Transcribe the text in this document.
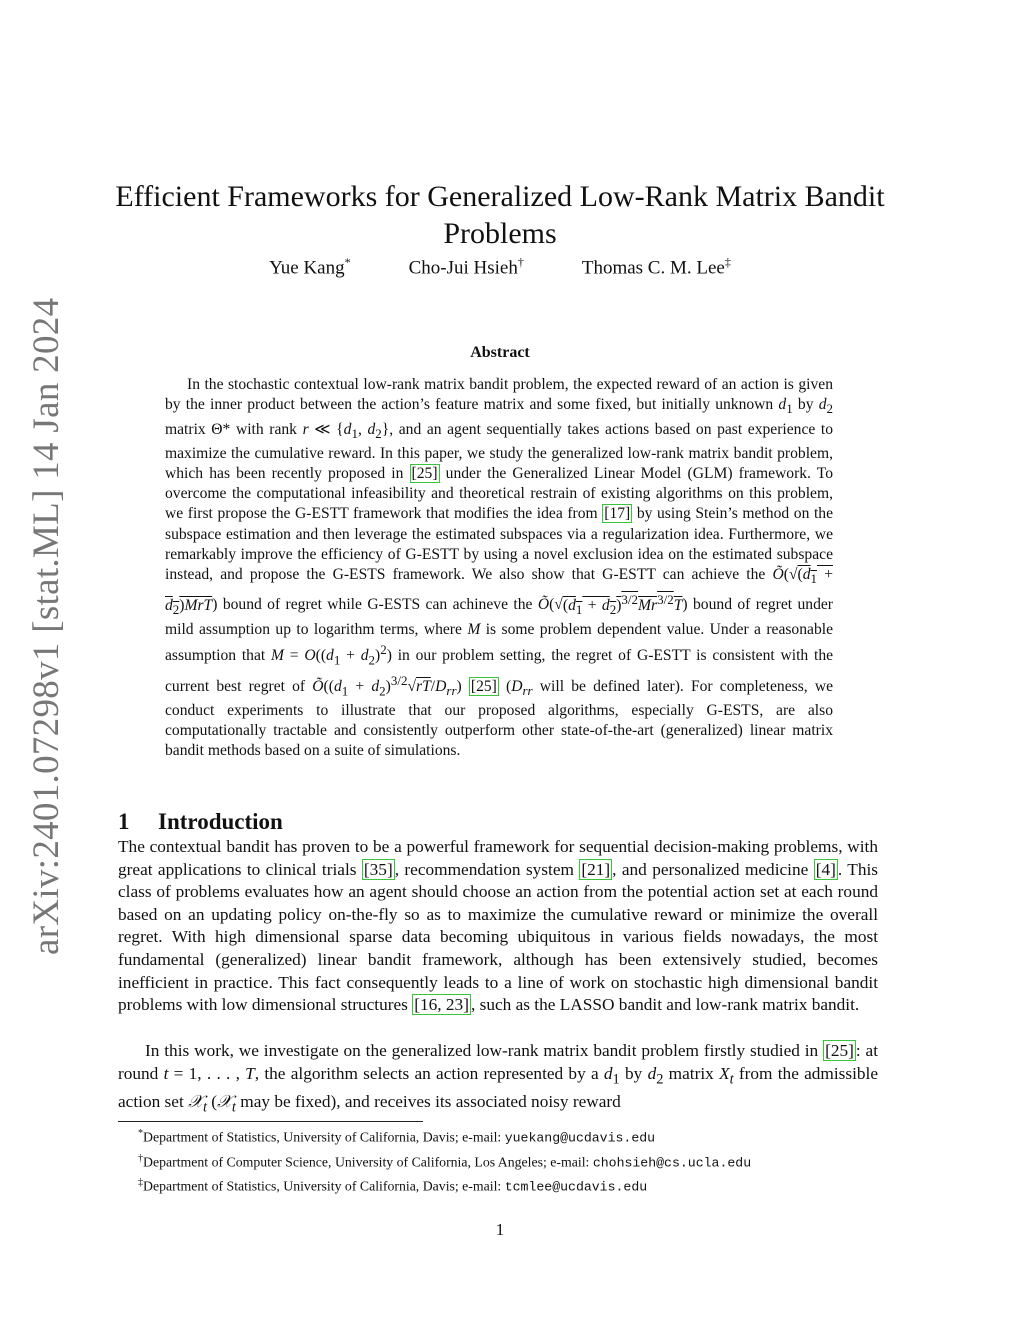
arXiv:2401.07298v1 [stat.ML] 14 Jan 2024
Efficient Frameworks for Generalized Low-Rank Matrix Bandit Problems
Yue Kang*	Cho-Jui Hsieh†	Thomas C. M. Lee‡
Abstract

In the stochastic contextual low-rank matrix bandit problem, the expected reward of an action is given by the inner product between the action’s feature matrix and some fixed, but initially unknown $d_1$ by $d_2$ matrix Θ* with rank r ≪ {$d_1$, $d_2$}, and an agent sequentially takes actions based on past experience to maximize the cumulative reward. In this paper, we study the generalized low-rank matrix bandit problem, which has been recently proposed in [25] under the Generalized Linear Model (GLM) framework. To overcome the computational infeasibility and theoretical restrain of existing algorithms on this problem, we first propose the G-ESTT framework that modifies the idea from [17] by using Stein’s method on the subspace estimation and then leverage the estimated subspaces via a regularization idea. Furthermore, we remarkably improve the efficiency of G-ESTT by using a novel exclusion idea on the estimated subspace instead, and propose the G-ESTS framework. We also show that G-ESTT can achieve the $Õ(√(d_1 + d_2)MrT)$ bound of regret while G-ESTS can achineve the $Õ(√(d_1 + d_2)^{3/2}Mr^{3/2}T)$ bound of regret under mild assumption up to logarithm terms, where M is some problem dependent value. Under a reasonable assumption that $M = O((d_1 + d_2)^2)$ in our problem setting, the regret of G-ESTT is consistent with the current best regret of $Õ((d_1 + d_2)^{3/2}√rT/D_{rr})$ [25] ($D_{rr}$ will be defined later). For completeness, we conduct experiments to illustrate that our proposed algorithms, especially G-ESTS, are also computationally tractable and consistently outperform other state-of-the-art (generalized) linear matrix bandit methods based on a suite of simulations.

1 Introduction

The contextual bandit has proven to be a powerful framework for sequential decision-making problems, with great applications to clinical trials [35] , recommendation system [21] , and personalized medicine [4] . This class of problems evaluates how an agent should choose an action from the potential action set at each round based on an updating policy on-the-fly so as to maximize the cumulative reward or minimize the overall regret. With high dimensional sparse data becoming ubiquitous in various fields nowadays, the most fundamental (generalized) linear bandit framework, although has been extensively studied, becomes inefficient in practice. This fact consequently leads to a line of work on stochastic high dimensional bandit problems with low dimensional structures [16, 23] , such as the LASSO bandit and low-rank matrix bandit.

In this work, we investigate on the generalized low-rank matrix bandit problem firstly studied in [25] : at round t = 1, . . . , T, the algorithm selects an action represented by a $d_1$ by $d_2$ matrix $X_t$ from the admissible action set 𝒳$_t$ (𝒳$_t$ may be fixed), and receives its associated noisy reward

*Department of Statistics, University of California, Davis; e-mail: yuekang@ucdavis.edu
†Department of Computer Science, University of California, Los Angeles; e-mail: chohsieh@cs.ucla.edu
‡Department of Statistics, University of California, Davis; e-mail: tcmlee@ucdavis.edu
1
